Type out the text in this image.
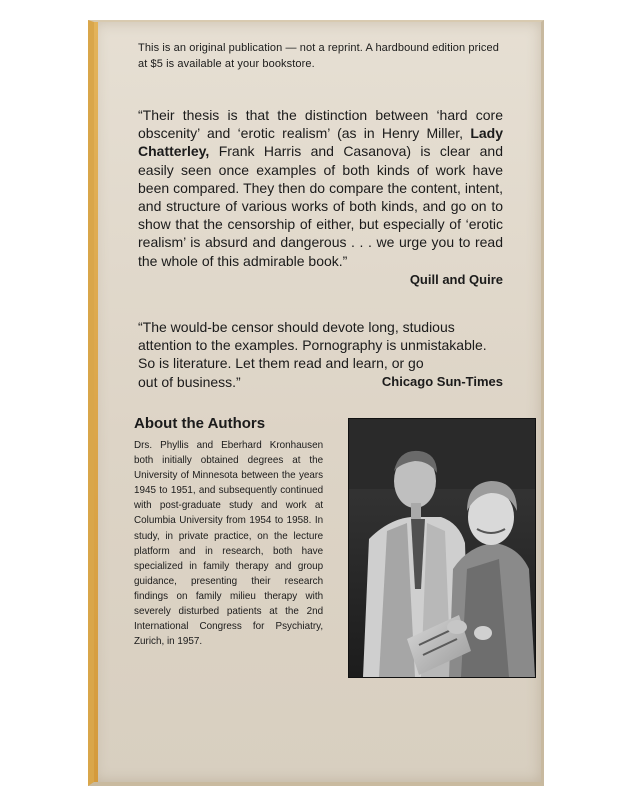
This is an original publication — not a reprint. A hardbound edition priced
at $5 is available at your bookstore.
“Their thesis is that the distinction between ‘hard core obscenity’ and ‘erotic realism’ (as in Henry Miller, Lady Chatterley, Frank Harris and Casanova) is clear and easily seen once examples of both kinds of work have been compared. They then do compare the content, intent, and structure of various works of both kinds, and go on to show that the censorship of either, but especially of ‘erotic realism’ is absurd and dangerous . . . we urge you to read the whole of this admirable book.”
Quill and Quire
“The would-be censor should devote long, studious attention to the examples. Pornography is unmistakable. So is literature. Let them read and learn, or go
out of business.”	Chicago Sun-Times
About the Authors
Drs. Phyllis and Eberhard Kronhausen both initially obtained degrees at the University of Minnesota between the years 1945 to 1951, and subsequently continued with post-graduate study and work at Columbia University from 1954 to 1958. In study, in private practice, on the lecture platform and in research, both have specialized in family therapy and group guidance, presenting their research findings on family milieu therapy with severely disturbed patients at the 2nd International Congress for Psychiatry, Zurich, in 1957.
